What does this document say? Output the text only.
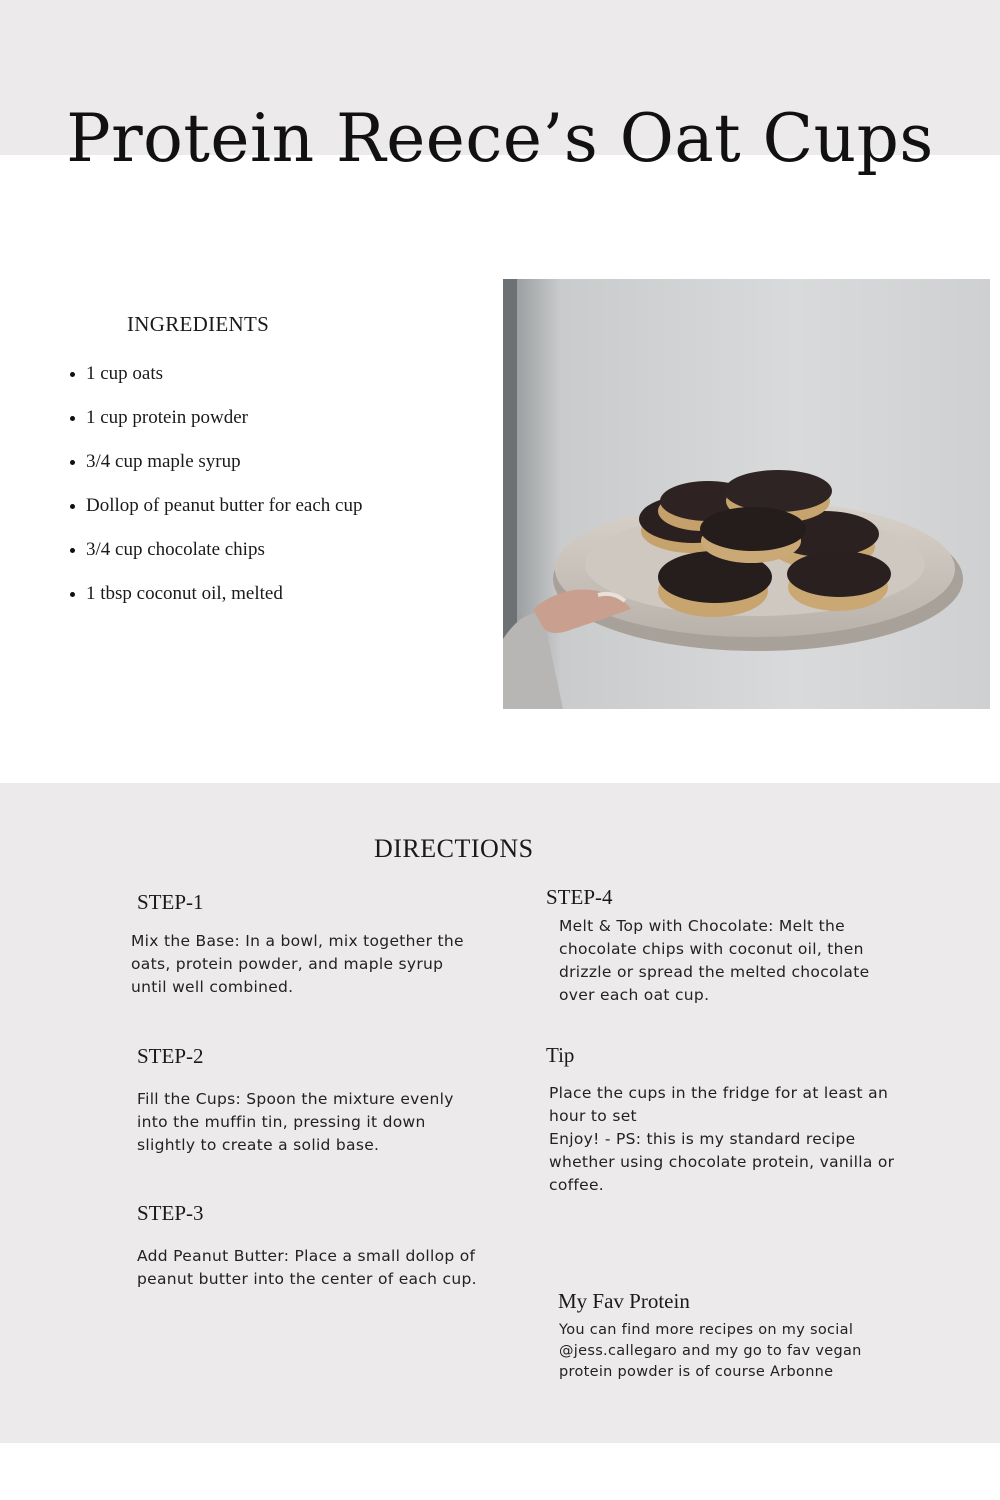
Protein Reece’s Oat Cups
INGREDIENTS
1 cup oats
1 cup protein powder
3/4 cup maple syrup
Dollop of peanut butter for each cup
3/4 cup chocolate chips
1 tbsp coconut oil, melted
DIRECTIONS
STEP-1

Mix the Base: In a bowl, mix together the oats, protein powder, and maple syrup until well combined.

STEP-2

Fill the Cups: Spoon the mixture evenly into the muffin tin, pressing it down slightly to create a solid base.

STEP-3

Add Peanut Butter: Place a small dollop of peanut butter into the center of each cup.

STEP-4

Melt & Top with Chocolate: Melt the chocolate chips with coconut oil, then drizzle or spread the melted chocolate over each oat cup.

Tip

Place the cups in the fridge for at least an hour to set

Enjoy! - PS: this is my standard recipe whether using chocolate protein, vanilla or coffee.

My Fav Protein

You can find more recipes on my social @jess.callegaro and my go to fav vegan protein powder is of course Arbonne
